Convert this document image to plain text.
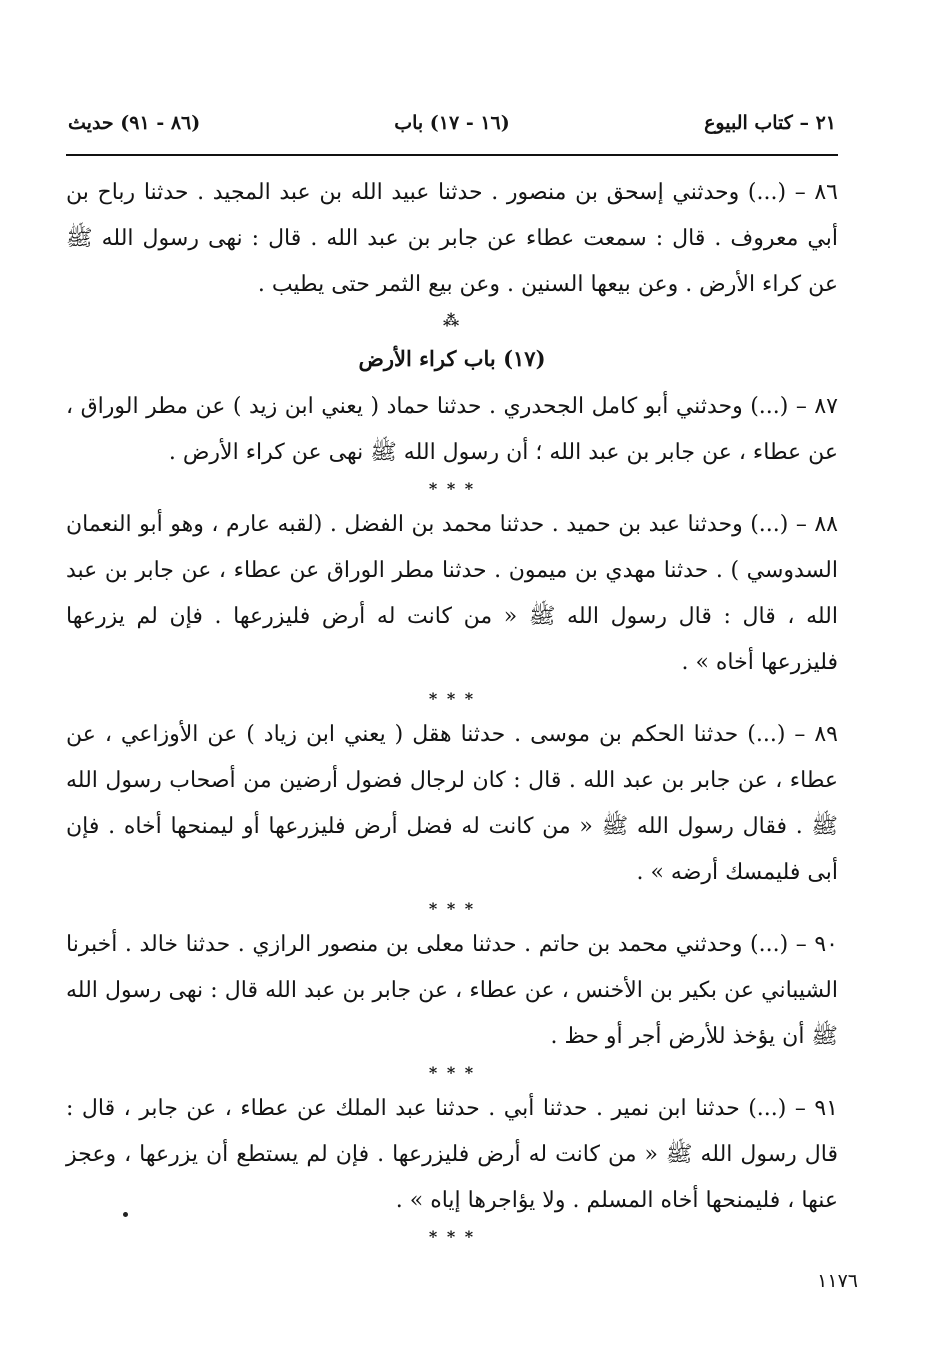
٢١ – كتاب البيوع
(١٦ - ١٧) باب
(٨٦ - ٩١) حديث
٨٦ – (...) وحدثني إسحق بن منصور . حدثنا عبيد الله بن عبد المجيد . حدثنا رباح بن أبي معروف . قال : سمعت عطاء عن جابر بن عبد الله . قال : نهى رسول الله ﷺ عن كراء الأرض . وعن بيعها السنين . وعن بيع الثمر حتى يطيب .
⁂
(١٧) باب كراء الأرض
٨٧ – (...) وحدثني أبو كامل الجحدري . حدثنا حماد ( يعني ابن زيد ) عن مطر الوراق ، عن عطاء ، عن جابر بن عبد الله ؛ أن رسول الله ﷺ نهى عن كراء الأرض .
* * *
٨٨ – (...) وحدثنا عبد بن حميد . حدثنا محمد بن الفضل . (لقبه عارم ، وهو أبو النعمان السدوسي ) . حدثنا مهدي بن ميمون . حدثنا مطر الوراق عن عطاء ، عن جابر بن عبد الله ، قال : قال رسول الله ﷺ « من كانت له أرض فليزرعها . فإن لم يزرعها فليزرعها أخاه » .
* * *
٨٩ – (...) حدثنا الحكم بن موسى . حدثنا هقل ( يعني ابن زياد ) عن الأوزاعي ، عن عطاء ، عن جابر بن عبد الله . قال : كان لرجال فضول أرضين من أصحاب رسول الله ﷺ . فقال رسول الله ﷺ « من كانت له فضل أرض فليزرعها أو ليمنحها أخاه . فإن أبى فليمسك أرضه » .
* * *
٩٠ – (...) وحدثني محمد بن حاتم . حدثنا معلى بن منصور الرازي . حدثنا خالد . أخبرنا الشيباني عن بكير بن الأخنس ، عن عطاء ، عن جابر بن عبد الله قال : نهى رسول الله ﷺ أن يؤخذ للأرض أجر أو حظ .
* * *
٩١ – (...) حدثنا ابن نمير . حدثنا أبي . حدثنا عبد الملك عن عطاء ، عن جابر ، قال : قال رسول الله ﷺ « من كانت له أرض فليزرعها . فإن لم يستطع أن يزرعها ، وعجز عنها ، فليمنحها أخاه المسلم . ولا يؤاجرها إياه » .
* * *
١١٧٦
